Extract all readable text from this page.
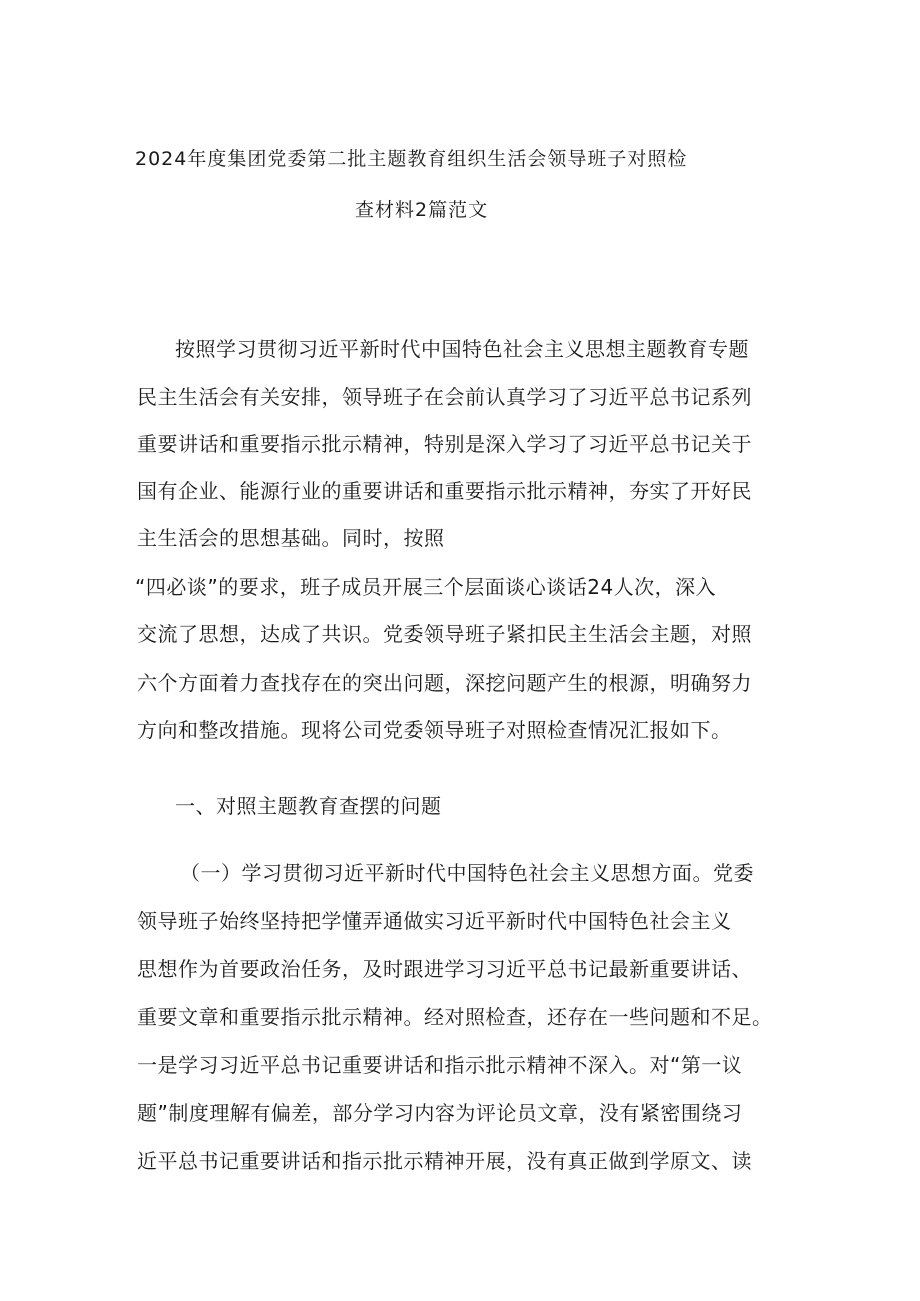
2024年度集团党委第二批主题教育组织生活会领导班子对照检
查材料2篇范文
按照学习贯彻习近平新时代中国特色社会主义思想主题教育专题
民主生活会有关安排，领导班子在会前认真学习了习近平总书记系列
重要讲话和重要指示批示精神，特别是深入学习了习近平总书记关于
国有企业、能源行业的重要讲话和重要指示批示精神，夯实了开好民
主生活会的思想基础。同时，按照
“四必谈”的要求，班子成员开展三个层面谈心谈话24人次，深入
交流了思想，达成了共识。党委领导班子紧扣民主生活会主题，对照
六个方面着力查找存在的突出问题，深挖问题产生的根源，明确努力
方向和整改措施。现将公司党委领导班子对照检查情况汇报如下。
一、对照主题教育查摆的问题
（一）学习贯彻习近平新时代中国特色社会主义思想方面。党委
领导班子始终坚持把学懂弄通做实习近平新时代中国特色社会主义
思想作为首要政治任务，及时跟进学习习近平总书记最新重要讲话、
重要文章和重要指示批示精神。经对照检查，还存在一些问题和不足。
一是学习习近平总书记重要讲话和指示批示精神不深入。对“第一议
题”制度理解有偏差，部分学习内容为评论员文章，没有紧密围绕习
近平总书记重要讲话和指示批示精神开展，没有真正做到学原文、读
